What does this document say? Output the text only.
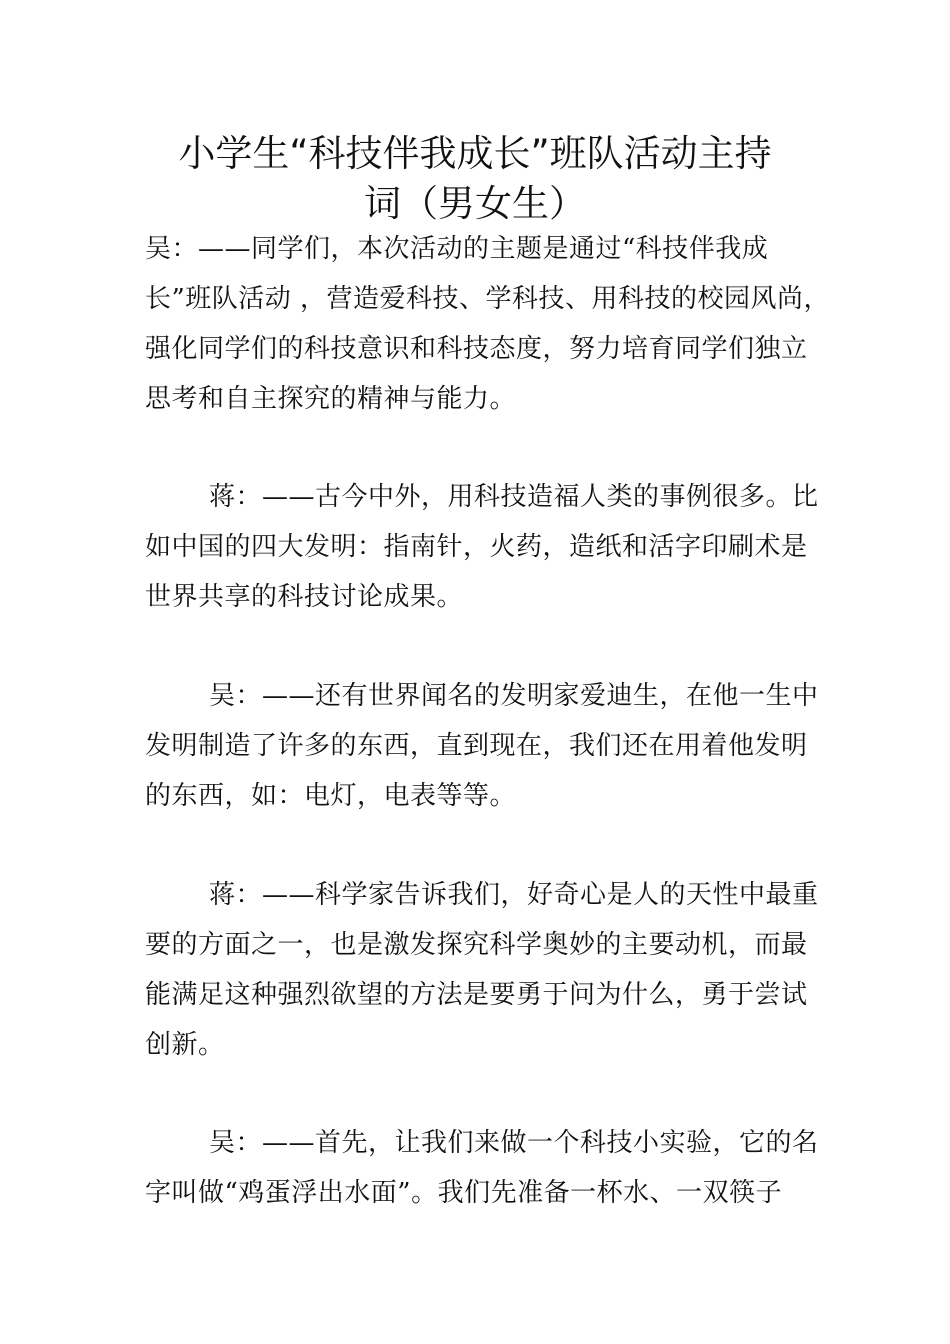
小学生“科技伴我成长”班队活动主持
词（男女生）

吴：——同学们，本次活动的主题是通过“科技伴我成
长”班队活动 ，营造爱科技、学科技、用科技的校园风尚，
强化同学们的科技意识和科技态度，努力培育同学们独立
思考和自主探究的精神与能力。

蒋：——古今中外，用科技造福人类的事例很多。比
如中国的四大发明：指南针，火药，造纸和活字印刷术是
世界共享的科技讨论成果。

吴：——还有世界闻名的发明家爱迪生，在他一生中
发明制造了许多的东西，直到现在，我们还在用着他发明
的东西，如：电灯，电表等等。

蒋：——科学家告诉我们，好奇心是人的天性中最重
要的方面之一，也是激发探究科学奥妙的主要动机，而最
能满足这种强烈欲望的方法是要勇于问为什么，勇于尝试
创新。

吴：——首先，让我们来做一个科技小实验，它的名
字叫做“鸡蛋浮出水面”。我们先准备一杯水、一双筷子
